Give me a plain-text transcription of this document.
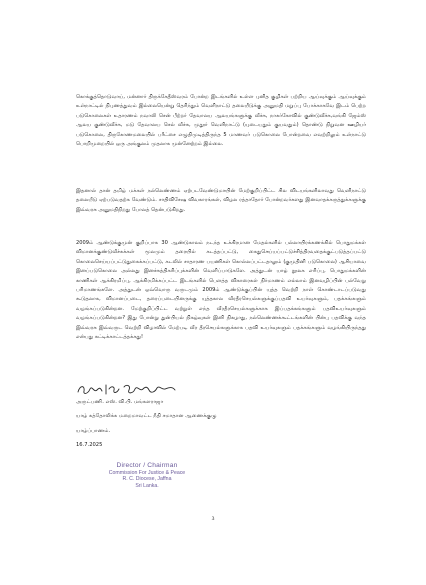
கொக்குத்தொடுவாய், மன்னார் திருக்கேதீஸ்வரம் போன்ற இடங்களில் உள்ள புனித குழிகள் பற்றிய ஆய்வுக்கும் ஆய்வுக்கும் உள்நாட்டில் நிபுணத்துவம் இல்லையென்று தெரிந்தும் வெளிநாட்டு தலையீடுக்கு அனுமதி மறுப்பு போக்காகவே இடம் பெற்ற படுகொலைகள் உதாரணம் நவாலி சென் பீற்றர் தேவாலய ஆலயங்களுக்கு வீச்சு, நாகர்கோவில் குண்டுவீச்சு,வங்கி ஜேம்ஸ் ஆலய குண்டுவீச்சு, மடு தேவாலய செல் வீச்சு, முதூர் வெளிநாட்டு (யுடையதும் குயவதும்) தொண்டு நிறுவன ஊழியர் படுகொலை, திருகோணமலையில் பரீட்சை எழுதிமுடித்திருந்த 5 மாணவர் படுகொலை போன்றவை எவற்றிலும் உள்நாட்டு பொறிமுறையில் ஒரு அங்குலம் முதலாக முன்னேற்றம் இல்லை.

இதனால் தான் தமிழ் மக்கள் நல்லெண்ணம் ஏற்படவேண்டுமாயின் மேற்குறிப்பிட்ட சில விடயங்களிலாவது வெளிநாட்டு தலையீடு ஏற்படுவதற்க வேண்டும். சாதிவிசேஷ விவகாரங்கள், விழல ரத்தாதோர் போன்றவர்களது இனவாதக்கருத்துக்களுக்கு இவ்வரசு அனுமதிநிறது போலத் தென்படுகிறது.

2009ம் ஆண்டுக்குமுன் குறிப்பாக 30 ஆண்டுகாலம் நடந்த உக்கிரமான மேதல்களில் பல்லாயிரக்கணக்கில் பொதுமக்கள் விமானக்குண்டுவீச்சுக்கள் மூலமும் தரையில் கடத்தப்பட்டு, கைதுசெய்யப்பட்டுச்சித்திரவதைக்குட்படுத்தப்பட்டு கொலைசெய்யப்பட்டுதுகைக்கப்பட்டு, கடலில் சாதாரண பயணிகள் கொல்லப்பட்டதாலும் (குமுதினி படுகொலை) ஆசியாவை இனப்படுகொலை அல்லது இனச்சுத்திகரிப்புக்களின் வெளிப்பாடுகளே. அத்துடன் யாழ் நூலக எரிப்பு, பொதுமக்களின் காணிகள் ஆக்கிரமிப்பு, ஆக்கிரமிக்கப்பட்ட இடங்களில் பௌத்த விகாரைகள் நிர்மாணம் எல்லாம் இனவழிப்பின் பல்வேறு பரிமாணங்களே. அத்துடன் ஒவ்வொரு வருடமும் 2009ம் ஆண்டுக்குப்பின் யுத்த வெற்றி நாள் கொண்டாடப்படுவது கூடுதலாக, விமானப்படை, தரைப்படையினருக்கு யுத்தகால வீரதீரசெயல்களுக்குப்பதவி உயர்வுகளும், பதக்கங்களும் வழங்கப்படுகின்றன. மேற்குறிப்பிட்ட வற்றுள் எந்த வீரதீரசெயல்களுக்காக இப்பதக்கங்களும் பதவிஉயர்வுகளும் வழங்கப்படுகின்றன? இது போன்று துன்பியல் நிகழ்வுகள் இனி நிகழாது, நல்லெண்ணக்கூட்டங்களின் பின்பு பதவிக்கு வந்த இவ்வரசு இவ்வருட வெற்றி விழாவில் மேற்படி வீர தீரசெயல்களுக்காக பதவி உயர்வுகளும் பதக்கங்களும் வழங்கியிருந்தது என்பது சுட்டிக்காட்டத்தக்கது!

அருட்பணி. எஸ். வி.பி. மங்களராஜா
யாழ் கத்தோலிக்க மறைமாவட்ட நீதி சமாதான ஆணைக்குழு
யாழ்ப்பாணம்.
16.7.2025
Director / Chairman
Commission For Justice & Peace
R. C. Diocese, Jaffna
Sri Lanka.
3
